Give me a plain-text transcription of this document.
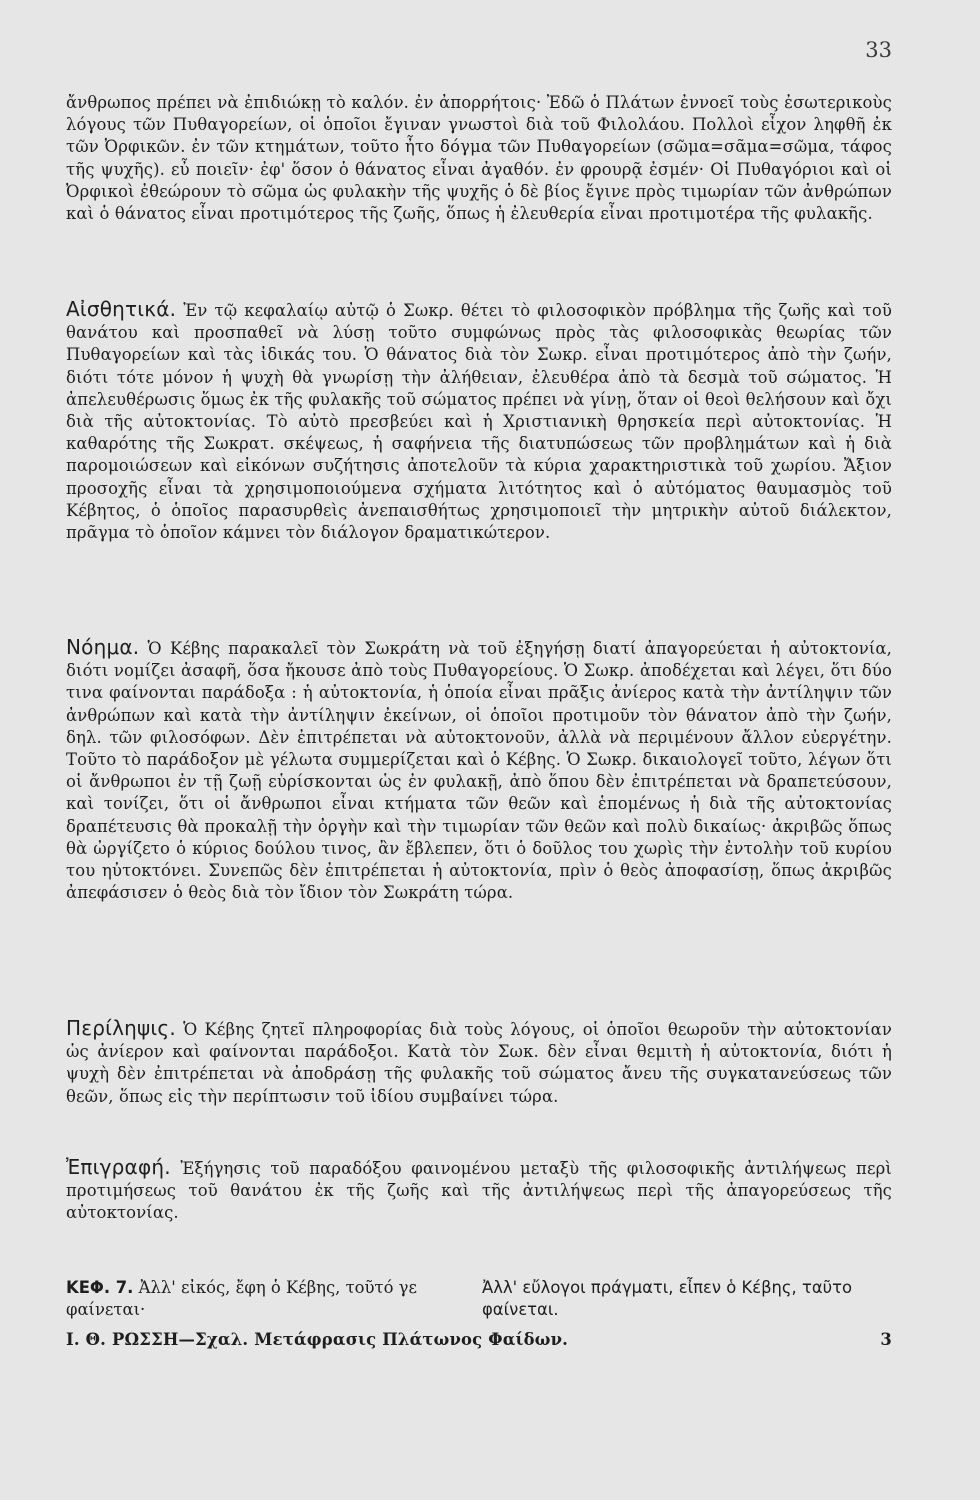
33

ἄνθρωπος πρέπει νὰ ἐπιδιώκῃ τὸ καλόν. ἐν ἀπορρήτοις· Ἐδῶ ὁ Πλάτων ἐννοεῖ τοὺς ἐσωτερικοὺς λόγους τῶν Πυθαγορείων, οἱ ὁποῖοι ἔγιναν γνωστοὶ διὰ τοῦ Φιλολάου. Πολλοὶ εἶχον ληφθῆ ἐκ τῶν Ὀρφικῶν. ἐν τῶν κτημάτων, τοῦτο ἦτο δόγμα τῶν Πυθαγορείων (σῶμα=σᾶμα=σῶμα, τάφος τῆς ψυχῆς). εὖ ποιεῖν· ἐφ' ὅσον ὁ θάνατος εἶναι ἀγαθόν. ἐν φρουρᾷ ἐσμέν· Οἱ Πυθαγόριοι καὶ οἱ Ὀρφικοὶ ἐθεώρουν τὸ σῶμα ὡς φυλακὴν τῆς ψυχῆς ὁ δὲ βίος ἔγινε πρὸς τιμωρίαν τῶν ἀνθρώπων καὶ ὁ θάνατος εἶναι προτιμότερος τῆς ζωῆς, ὅπως ἡ ἐλευθερία εἶναι προτιμοτέρα τῆς φυλακῆς.

Αἰσθητικά. Ἐν τῷ κεφαλαίῳ αὐτῷ ὁ Σωκρ. θέτει τὸ φιλοσοφικὸν πρόβλημα τῆς ζωῆς καὶ τοῦ θανάτου καὶ προσπαθεῖ νὰ λύσῃ τοῦτο συμφώνως πρὸς τὰς φιλοσοφικὰς θεωρίας τῶν Πυθαγορείων καὶ τὰς ἰδικάς του. Ὁ θάνατος διὰ τὸν Σωκρ. εἶναι προτιμότερος ἀπὸ τὴν ζωήν, διότι τότε μόνον ἡ ψυχὴ θὰ γνωρίσῃ τὴν ἀλήθειαν, ἐλευθέρα ἀπὸ τὰ δεσμὰ τοῦ σώματος. Ἡ ἀπελευθέρωσις ὅμως ἐκ τῆς φυλακῆς τοῦ σώματος πρέπει νὰ γίνῃ, ὅταν οἱ θεοὶ θελήσουν καὶ ὄχι διὰ τῆς αὐτοκτονίας. Τὸ αὐτὸ πρεσβεύει καὶ ἡ Χριστιανικὴ θρησκεία περὶ αὐτοκτονίας. Ἡ καθαρότης τῆς Σωκρατ. σκέψεως, ἡ σαφήνεια τῆς διατυπώσεως τῶν προβλημάτων καὶ ἡ διὰ παρομοιώσεων καὶ εἰκόνων συζήτησις ἀποτελοῦν τὰ κύρια χαρακτηριστικὰ τοῦ χωρίου. Ἄξιον προσοχῆς εἶναι τὰ χρησιμοποιούμενα σχήματα λιτότητος καὶ ὁ αὐτόματος θαυμασμὸς τοῦ Κέβητος, ὁ ὁποῖος παρασυρθεὶς ἀνεπαισθήτως χρησιμοποιεῖ τὴν μητρικὴν αὐτοῦ διάλεκτον, πρᾶγμα τὸ ὁποῖον κάμνει τὸν διάλογον δραματικώτερον.

Νόημα. Ὁ Κέβης παρακαλεῖ τὸν Σωκράτη νὰ τοῦ ἐξηγήσῃ διατί ἀπαγορεύεται ἡ αὐτοκτονία, διότι νομίζει ἀσαφῆ, ὅσα ἤκουσε ἀπὸ τοὺς Πυθαγορείους. Ὁ Σωκρ. ἀποδέχεται καὶ λέγει, ὅτι δύο τινα φαίνονται παράδοξα : ἡ αὐτοκτονία, ἡ ὁποία εἶναι πρᾶξις ἀνίερος κατὰ τὴν ἀντίληψιν τῶν ἀνθρώπων καὶ κατὰ τὴν ἀντίληψιν ἐκείνων, οἱ ὁποῖοι προτιμοῦν τὸν θάνατον ἀπὸ τὴν ζωήν, δηλ. τῶν φιλοσόφων. Δὲν ἐπιτρέπεται νὰ αὐτοκτονοῦν, ἀλλὰ νὰ περιμένουν ἄλλον εὐεργέτην. Τοῦτο τὸ παράδοξον μὲ γέλωτα συμμερίζεται καὶ ὁ Κέβης. Ὁ Σωκρ. δικαιολογεῖ τοῦτο, λέγων ὅτι οἱ ἄνθρωποι ἐν τῇ ζωῇ εὑρίσκονται ὡς ἐν φυλακῇ, ἀπὸ ὅπου δὲν ἐπιτρέπεται νὰ δραπετεύσουν, καὶ τονίζει, ὅτι οἱ ἄνθρωποι εἶναι κτήματα τῶν θεῶν καὶ ἑπομένως ἡ διὰ τῆς αὐτοκτονίας δραπέτευσις θὰ προκαλῇ τὴν ὀργὴν καὶ τὴν τιμωρίαν τῶν θεῶν καὶ πολὺ δικαίως· ἀκριβῶς ὅπως θὰ ὠργίζετο ὁ κύριος δούλου τινος, ἂν ἔβλεπεν, ὅτι ὁ δοῦλος του χωρὶς τὴν ἐντολὴν τοῦ κυρίου του ηὐτοκτόνει. Συνεπῶς δὲν ἐπιτρέπεται ἡ αὐτοκτονία, πρὶν ὁ θεὸς ἀποφασίσῃ, ὅπως ἀκριβῶς ἀπεφάσισεν ὁ θεὸς διὰ τὸν ἴδιον τὸν Σωκράτη τώρα.

Περίληψις. Ὁ Κέβης ζητεῖ πληροφορίας διὰ τοὺς λόγους, οἱ ὁποῖοι θεωροῦν τὴν αὐτοκτονίαν ὡς ἀνίερον καὶ φαίνονται παράδοξοι. Κατὰ τὸν Σωκ. δὲν εἶναι θεμιτὴ ἡ αὐτοκτονία, διότι ἡ ψυχὴ δὲν ἐπιτρέπεται νὰ ἀποδράσῃ τῆς φυλακῆς τοῦ σώματος ἄνευ τῆς συγκατανεύσεως τῶν θεῶν, ὅπως εἰς τὴν περίπτωσιν τοῦ ἰδίου συμβαίνει τώρα.

Ἐπιγραφή. Ἐξήγησις τοῦ παραδόξου φαινομένου μεταξὺ τῆς φιλοσοφικῆς ἀντιλήψεως περὶ προτιμήσεως τοῦ θανάτου ἐκ τῆς ζωῆς καὶ τῆς ἀντιλήψεως περὶ τῆς ἀπαγορεύσεως τῆς αὐτοκτονίας.

ΚΕΦ. 7. Ἀλλ' εἰκός, ἔφη ὁ Κέβης, τοῦτό γε φαίνεται·
Ἀλλ' εὔλογοι πράγματι, εἶπεν ὁ Κέβης, ταῦτο φαίνεται.
Ι. Θ. ΡΩΣΣΗ—Σχαλ. Μετάφρασις Πλάτωνος Φαίδων.	3
